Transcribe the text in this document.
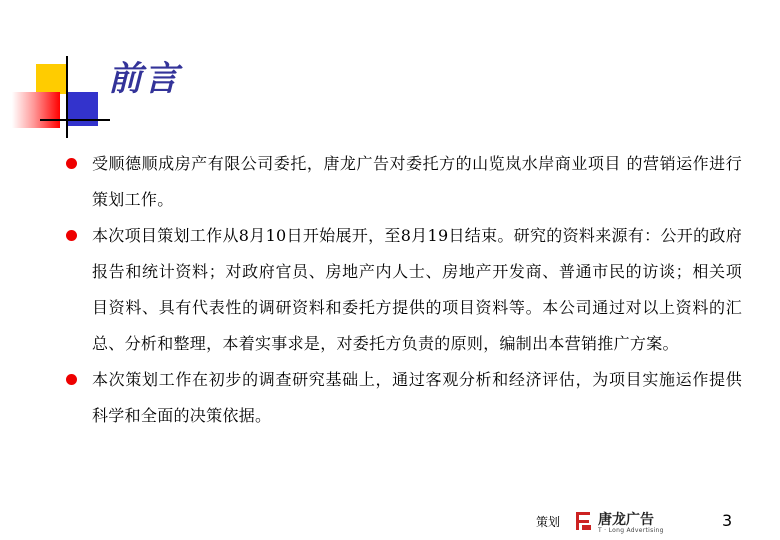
前言
受顺德顺成房产有限公司委托，唐龙广告对委托方的山览岚水岸商业项目 的营销运作进行策划工作。
本次项目策划工作从8月10日开始展开，至8月19日结束。研究的资料来源有：公开的政府报告和统计资料；对政府官员、房地产内人士、房地产开发商、普通市民的访谈；相关项目资料、具有代表性的调研资料和委托方提供的项目资料等。本公司通过对以上资料的汇总、分析和整理，本着实事求是，对委托方负责的原则，编制出本营销推广方案。
本次策划工作在初步的调查研究基础上，通过客观分析和经济评估，为项目实施运作提供科学和全面的决策依据。
策划	唐龙广告
T · Long Advertising
3
